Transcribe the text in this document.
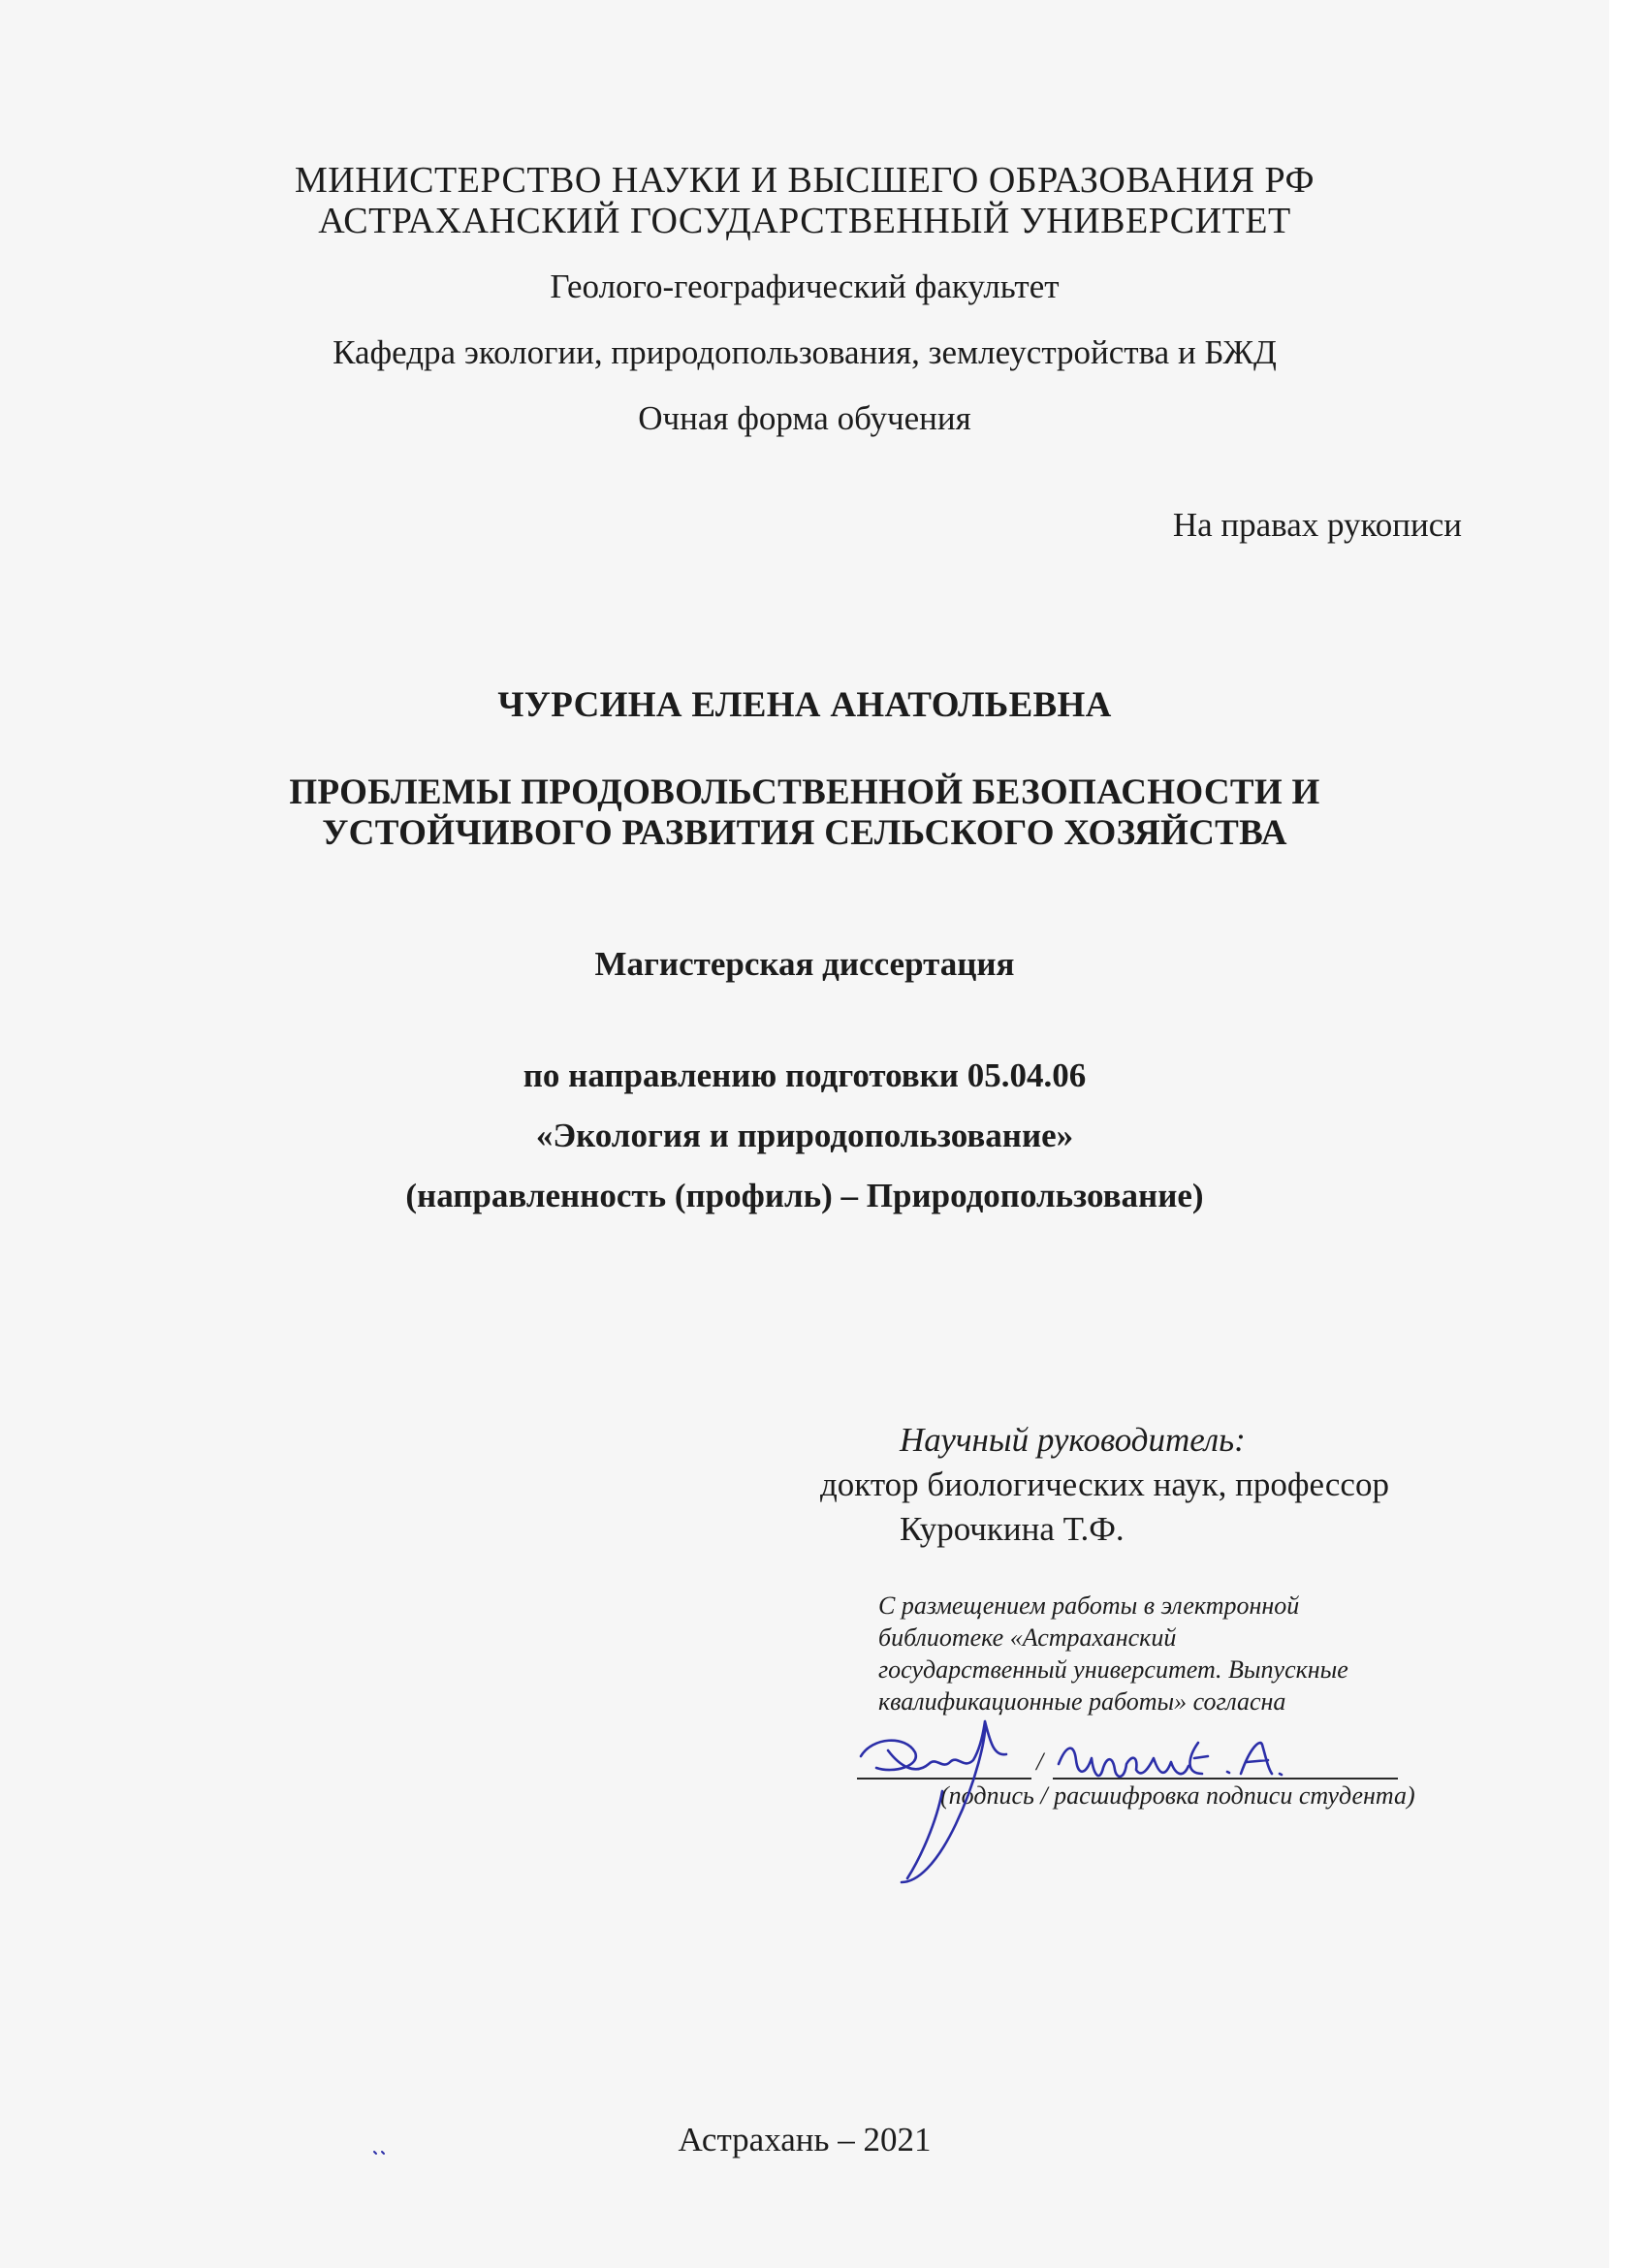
МИНИСТЕРСТВО НАУКИ И ВЫСШЕГО ОБРАЗОВАНИЯ РФ
АСТРАХАНСКИЙ ГОСУДАРСТВЕННЫЙ УНИВЕРСИТЕТ
Геолого-географический факультет
Кафедра экологии, природопользования, землеустройства и БЖД
Очная форма обучения
На правах рукописи
ЧУРСИНА ЕЛЕНА АНАТОЛЬЕВНА
ПРОБЛЕМЫ ПРОДОВОЛЬСТВЕННОЙ БЕЗОПАСНОСТИ И
УСТОЙЧИВОГО РАЗВИТИЯ СЕЛЬСКОГО ХОЗЯЙСТВА
Магистерская диссертация
по направлению подготовки 05.04.06
«Экология и природопользование»
(направленность (профиль) – Природопользование)
Научный руководитель:
доктор биологических наук, профессор
Курочкина Т.Ф.
С размещением работы в электронной
библиотеке «Астраханский
государственный университет. Выпускные
квалификационные работы» согласна
/
(подпись / расшифровка подписи студента)
Астрахань – 2021
